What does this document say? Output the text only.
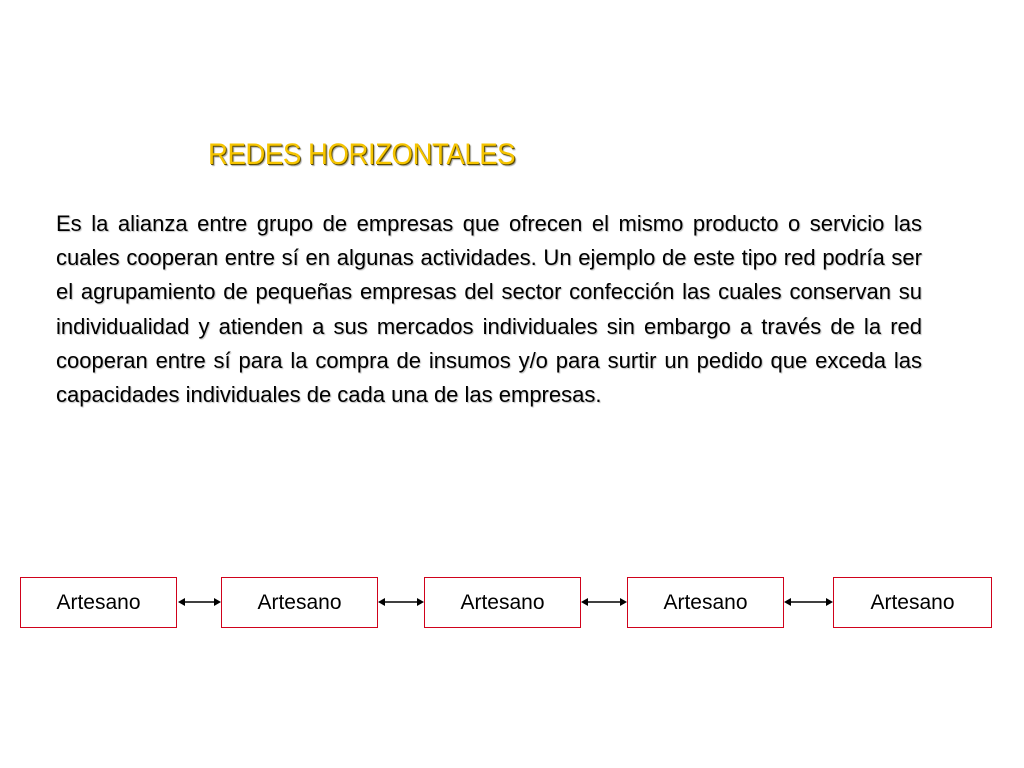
REDES HORIZONTALES
Es la alianza entre grupo de empresas que ofrecen el mismo producto o servicio las cuales cooperan entre sí en algunas actividades. Un ejemplo de este tipo red podría ser el agrupamiento de pequeñas empresas del sector confección las cuales conservan su individualidad y atienden a sus mercados individuales sin embargo a través de la red cooperan entre sí para la compra de insumos y/o para surtir un pedido que exceda las capacidades individuales de cada una de las empresas.
Artesano	Artesano	Artesano	Artesano	Artesano
